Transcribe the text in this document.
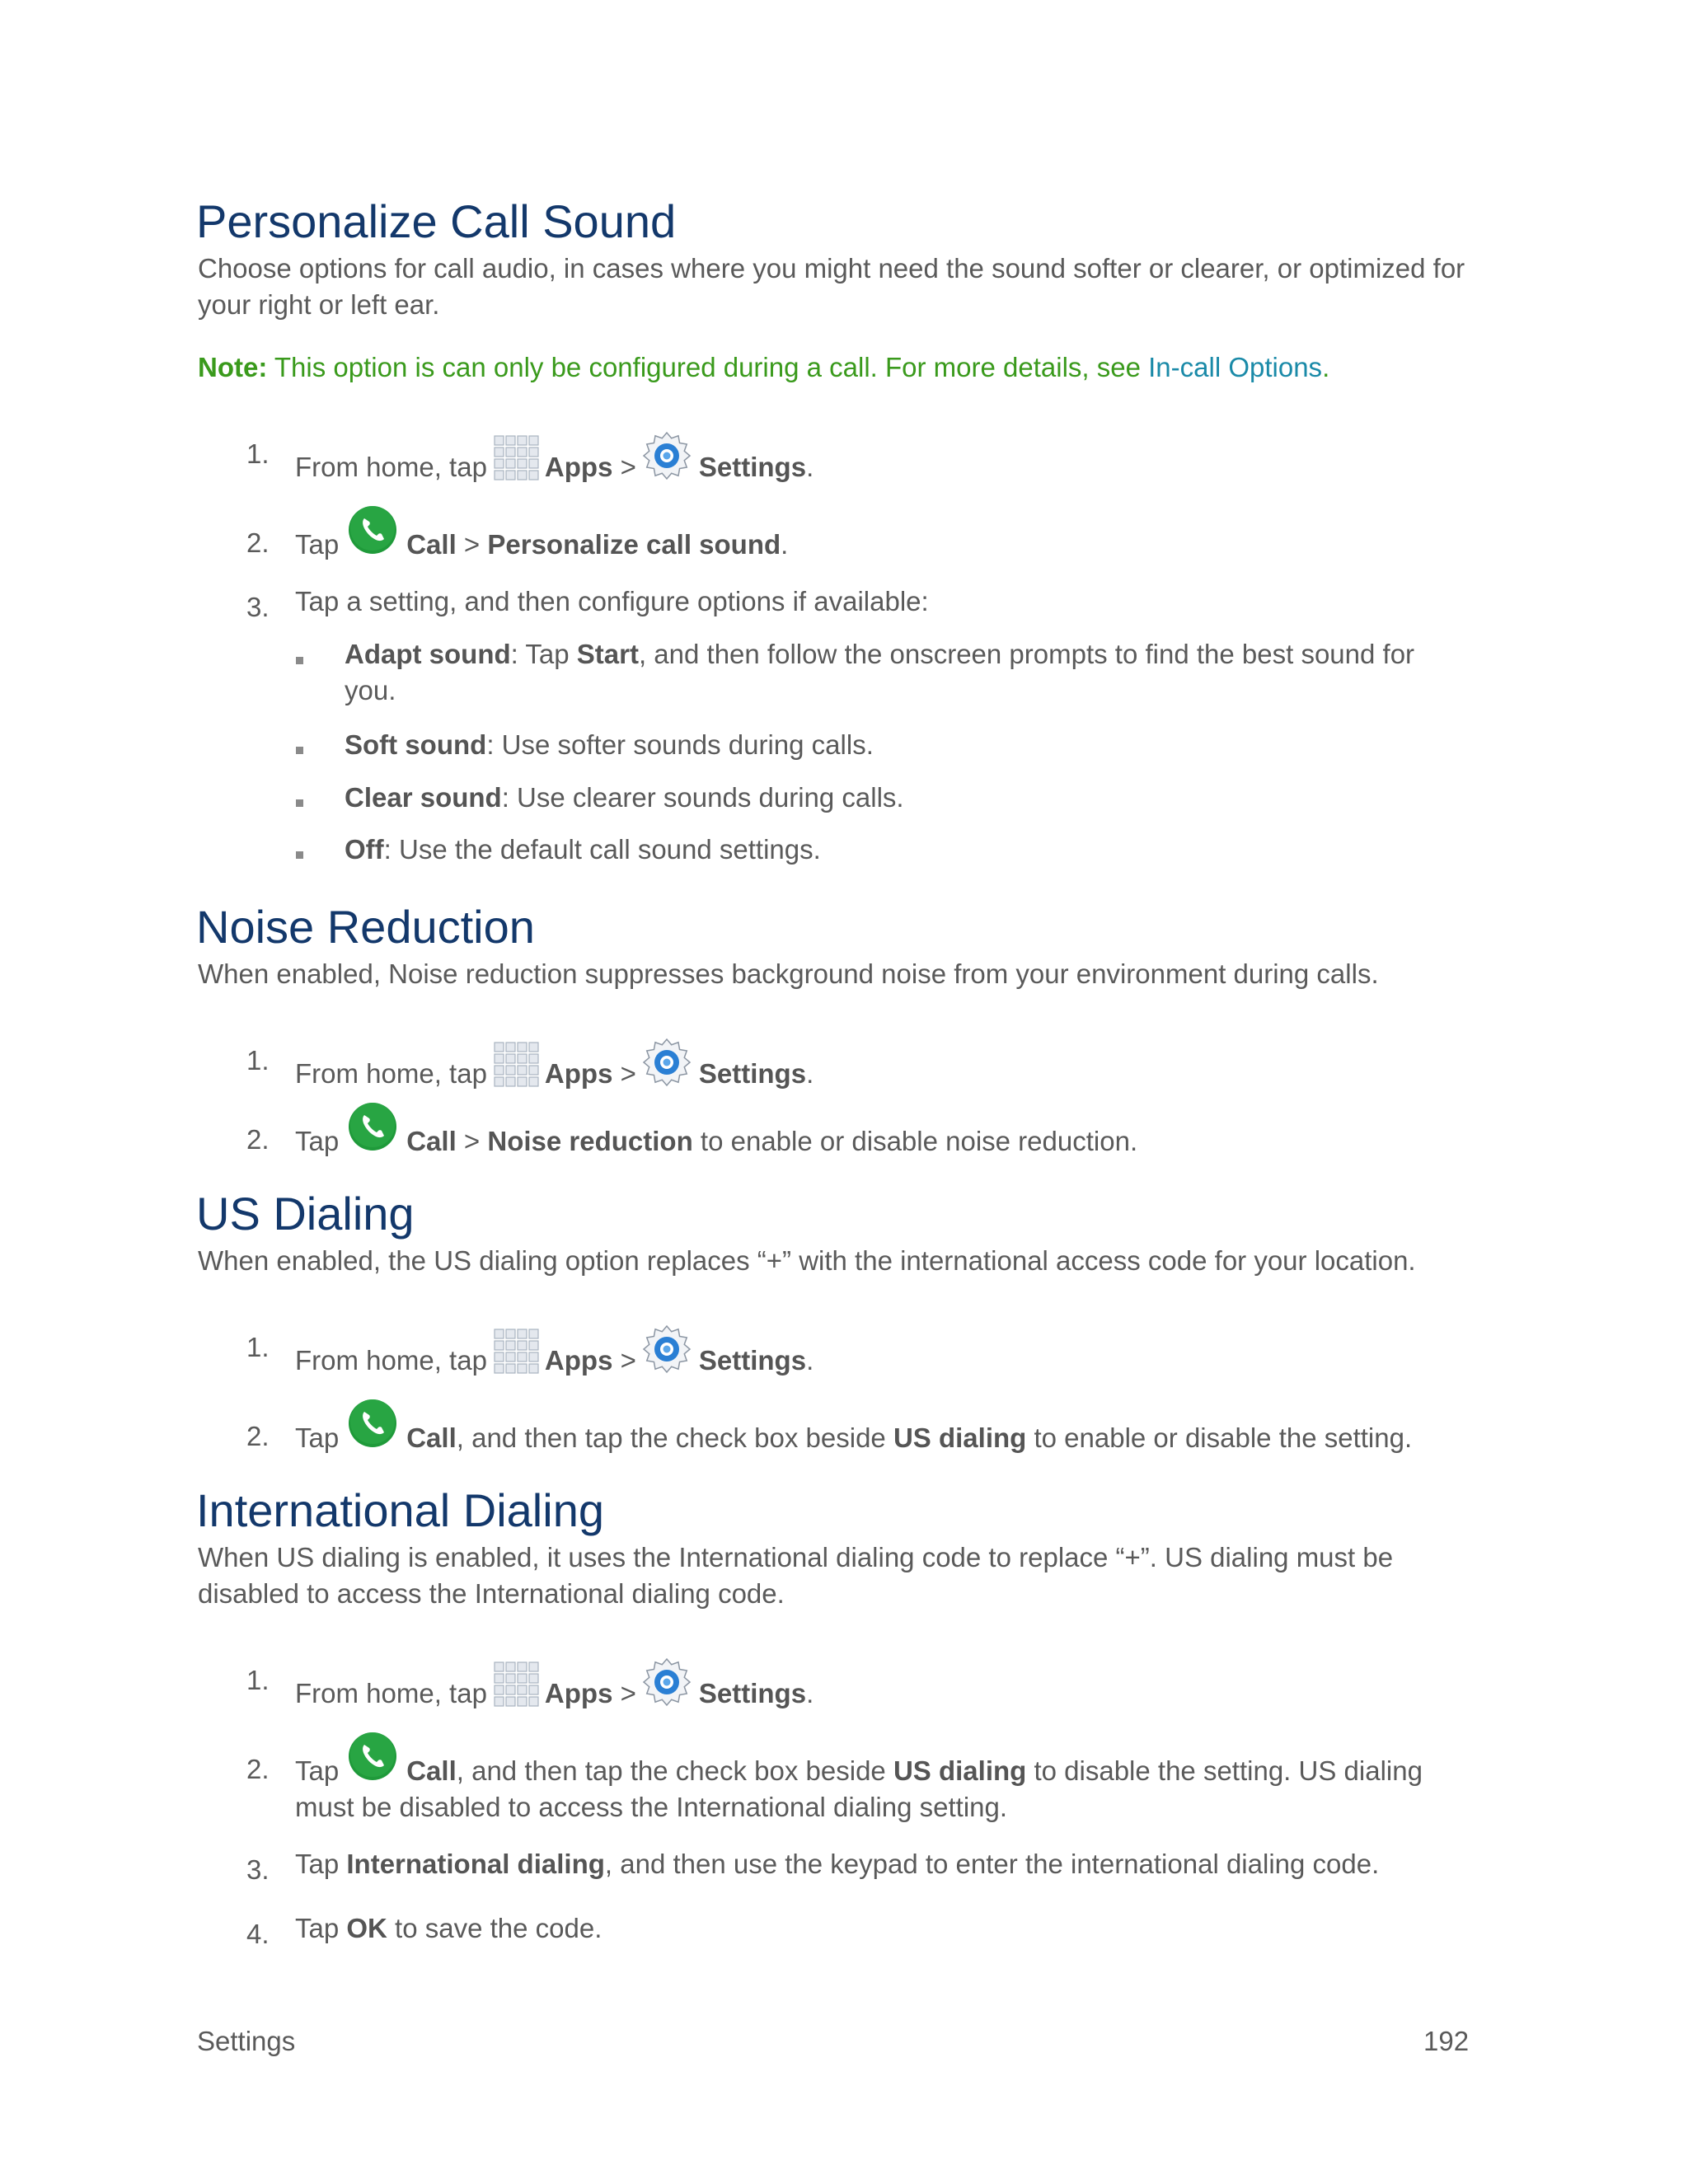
Personalize Call Sound

Choose options for call audio, in cases where you might need the sound softer or clearer, or optimized for your right or left ear.

Note: This option is can only be configured during a call. For more details, see In-call Options.

1. From home, tap Apps > Settings.
2. Tap Call > Personalize call sound.
3. Tap a setting, and then configure options if available:

Adapt sound: Tap Start, and then follow the onscreen prompts to find the best sound for you.

Soft sound: Use softer sounds during calls.

Clear sound: Use clearer sounds during calls.

Off: Use the default call sound settings.

Noise Reduction

When enabled, Noise reduction suppresses background noise from your environment during calls.

1. From home, tap Apps > Settings.
2. Tap Call > Noise reduction to enable or disable noise reduction.
US Dialing

When enabled, the US dialing option replaces “+” with the international access code for your location.

1. From home, tap Apps > Settings.
2. Tap Call, and then tap the check box beside US dialing to enable or disable the setting.
International Dialing

When US dialing is enabled, it uses the International dialing code to replace “+”. US dialing must be disabled to access the International dialing code.

1. From home, tap Apps > Settings.
2. Tap Call, and then tap the check box beside US dialing to disable the setting. US dialing must be disabled to access the International dialing setting.
3. Tap International dialing, and then use the keypad to enter the international dialing code.
4. Tap OK to save the code.
Settings	192
